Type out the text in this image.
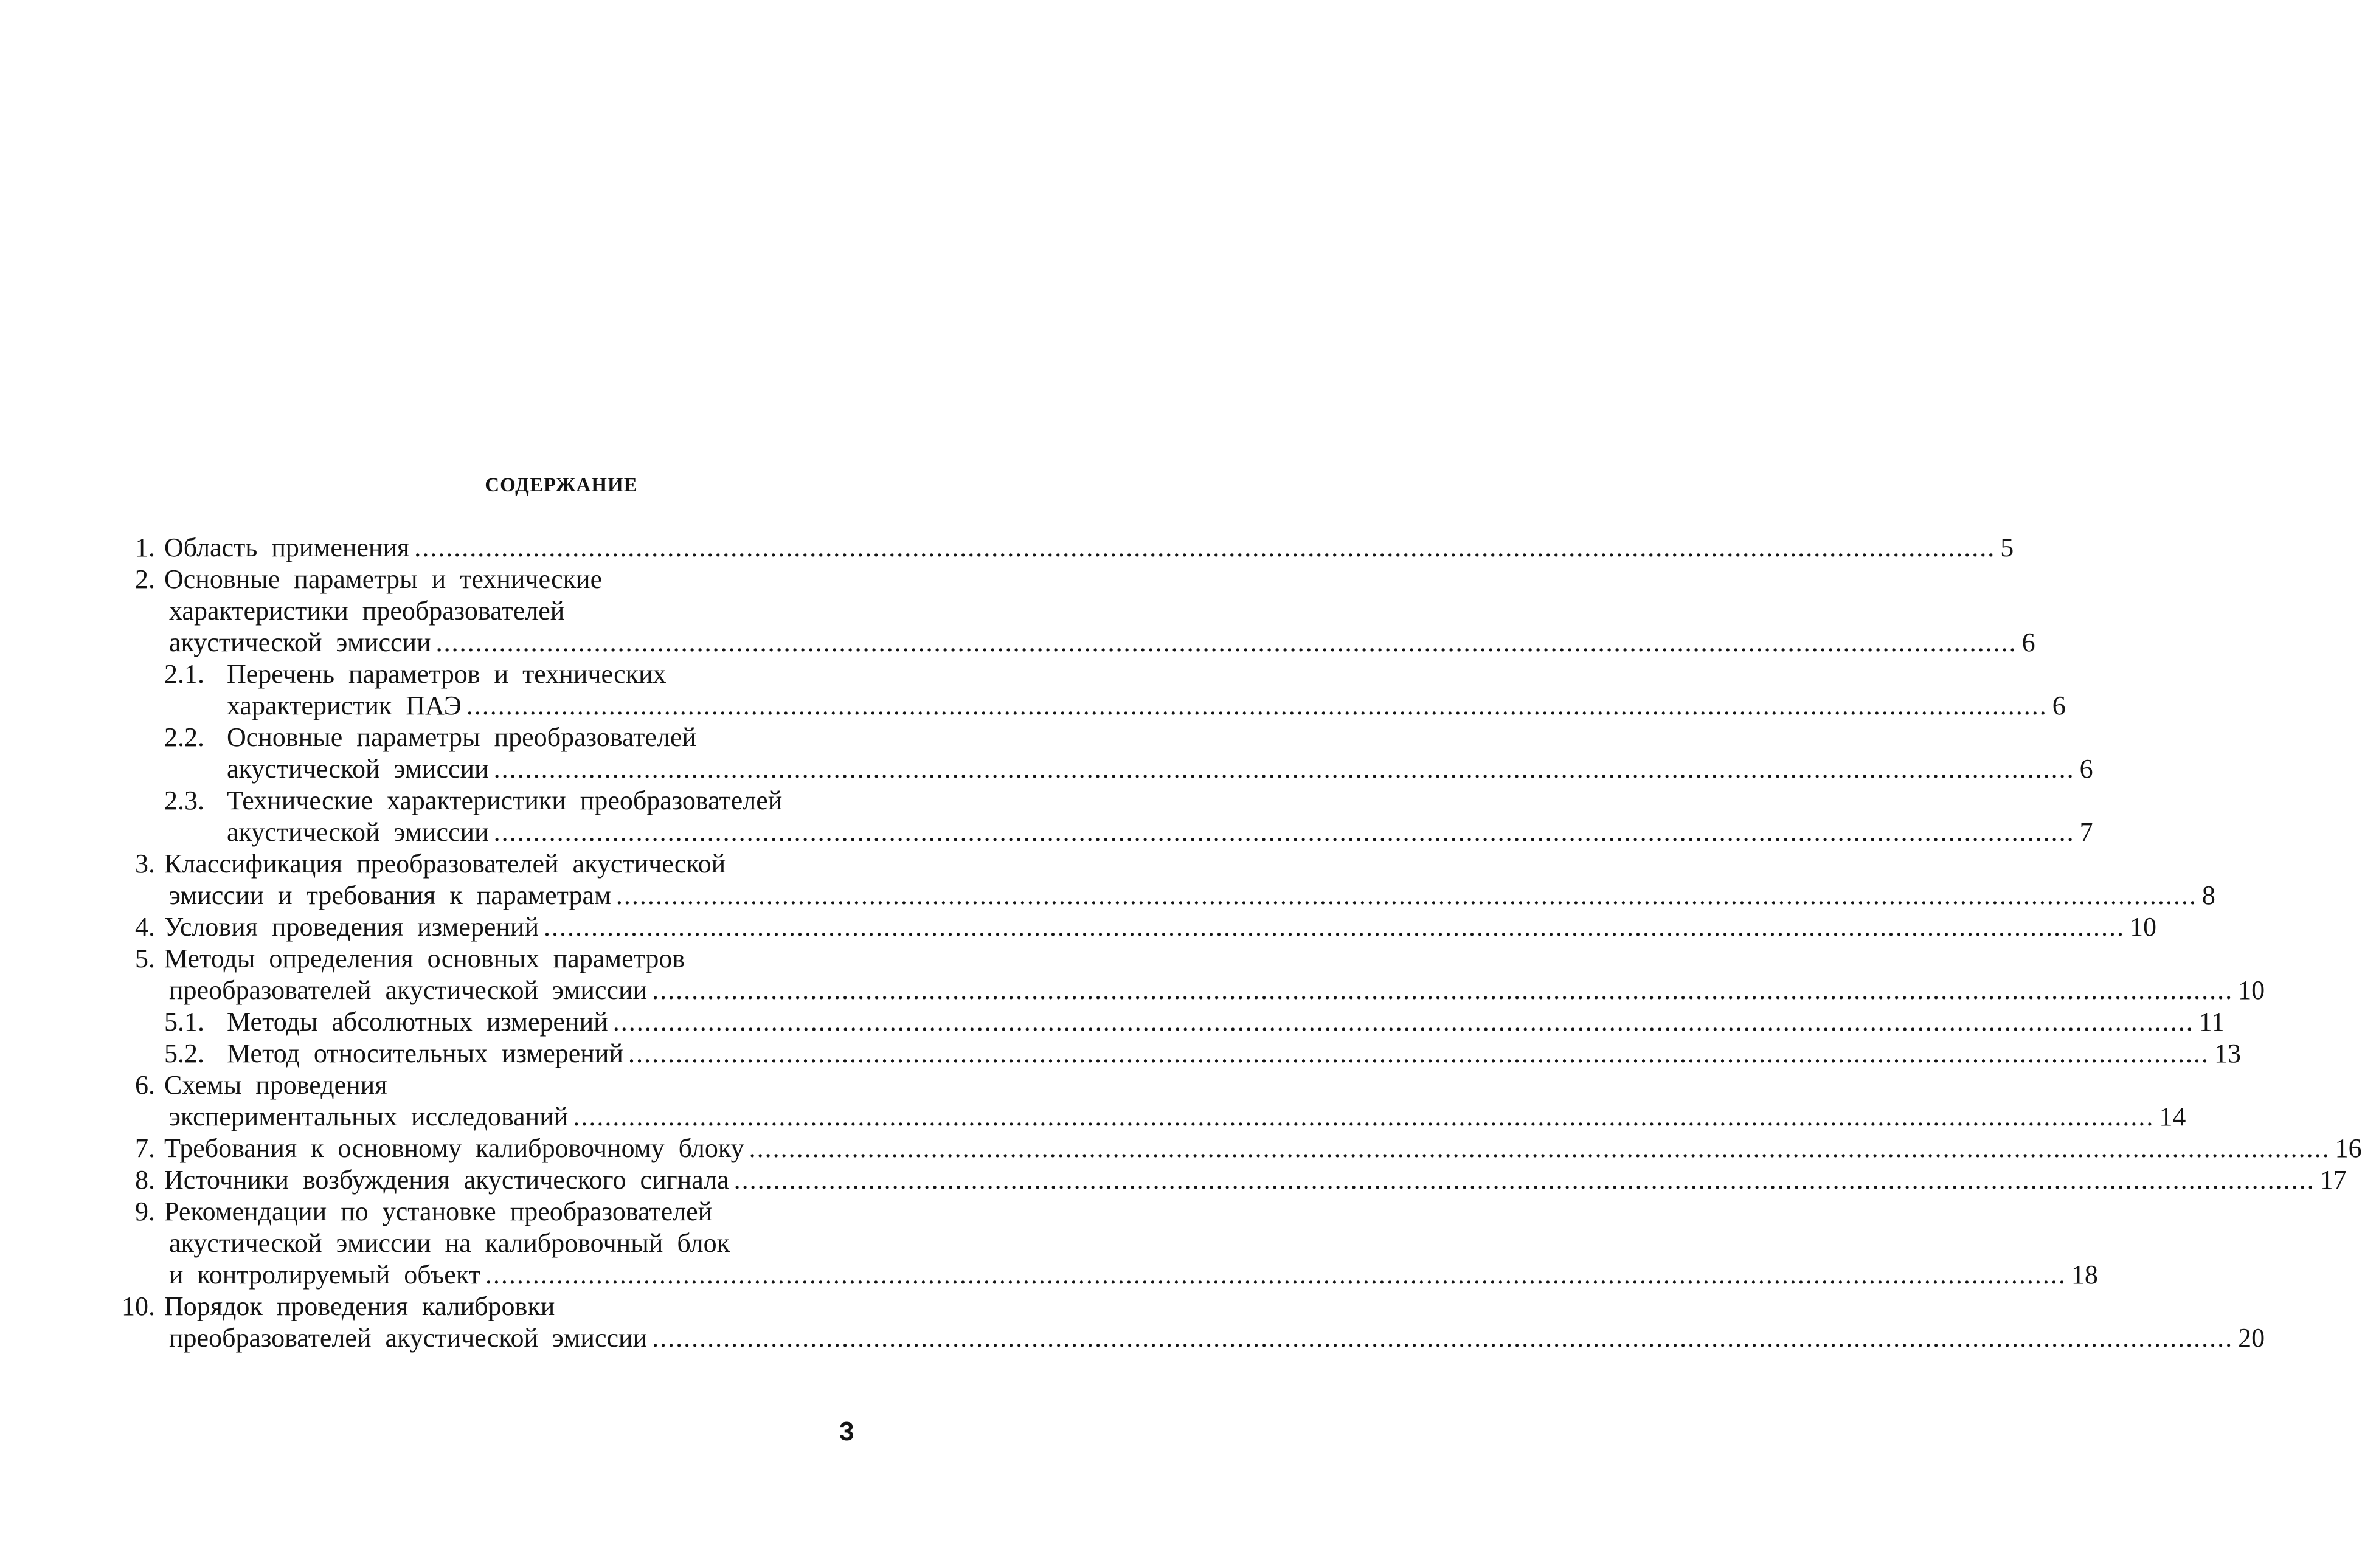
СОДЕРЖАНИЕ
1. Область применения ........................................................................................................................................................................................................ 5
2. Основные параметры и технические
характеристики преобразователей
акустической эмиссии ........................................................................................................................................................................................................ 6
2.1. Перечень параметров и технических
характеристик ПАЭ ........................................................................................................................................................................................................ 6
2.2. Основные параметры преобразователей
акустической эмиссии ........................................................................................................................................................................................................ 6
2.3. Технические характеристики преобразователей
акустической эмиссии ........................................................................................................................................................................................................ 7
3. Классификация преобразователей акустической
эмиссии и требования к параметрам ........................................................................................................................................................................................................ 8
4. Условия проведения измерений ........................................................................................................................................................................................................ 10
5. Методы определения основных параметров
преобразователей акустической эмиссии ........................................................................................................................................................................................................ 10
5.1. Методы абсолютных измерений ........................................................................................................................................................................................................ 11
5.2. Метод относительных измерений ........................................................................................................................................................................................................ 13
6. Схемы проведения
экспериментальных исследований ........................................................................................................................................................................................................ 14
7. Требования к основному калибровочному блоку ........................................................................................................................................................................................................ 16
8. Источники возбуждения акустического сигнала ........................................................................................................................................................................................................ 17
9. Рекомендации по установке преобразователей
акустической эмиссии на калибровочный блок
и контролируемый объект ........................................................................................................................................................................................................ 18
10. Порядок проведения калибровки
преобразователей акустической эмиссии ........................................................................................................................................................................................................ 20
3
